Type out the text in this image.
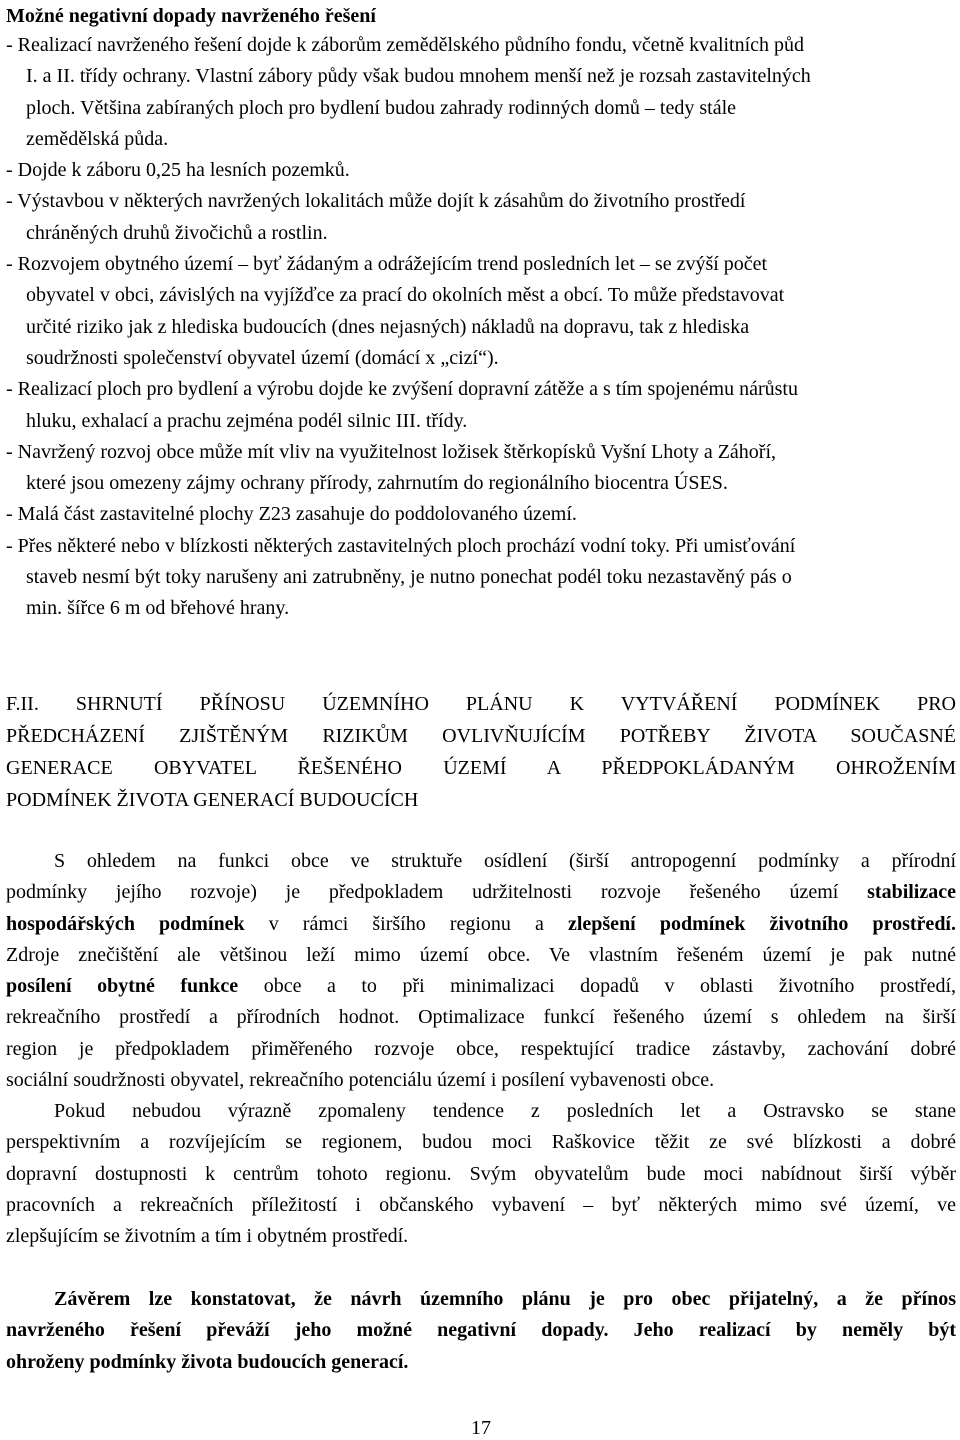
Možné negativní dopady navrženého řešení
- Realizací navrženého řešení dojde k záborům zemědělského půdního fondu, včetně kvalitních půd
I. a II. třídy ochrany. Vlastní zábory půdy však budou mnohem menší než je rozsah zastavitelných
ploch. Většina zabíraných ploch pro bydlení budou zahrady rodinných domů – tedy stále
zemědělská půda.
- Dojde k záboru 0,25 ha lesních pozemků.
- Výstavbou v některých navržených lokalitách může dojít k zásahům do životního prostředí
chráněných druhů živočichů a rostlin.
- Rozvojem obytného území – byť žádaným a odrážejícím trend posledních let – se zvýší počet
obyvatel v obci, závislých na vyjížďce za prací do okolních měst a obcí. To může představovat
určité riziko jak z hlediska budoucích (dnes nejasných) nákladů na dopravu, tak z hlediska
soudržnosti společenství obyvatel území (domácí x „cizí“).
- Realizací ploch pro bydlení a výrobu dojde ke zvýšení dopravní zátěže a s tím spojenému nárůstu
hluku, exhalací a prachu zejména podél silnic III. třídy.
- Navržený rozvoj obce může mít vliv na využitelnost ložisek štěrkopísků Vyšní Lhoty a Záhoří,
které jsou omezeny zájmy ochrany přírody, zahrnutím do regionálního biocentra ÚSES.
- Malá část zastavitelné plochy Z23 zasahuje do poddolovaného území.
- Přes některé nebo v blízkosti některých zastavitelných ploch prochází vodní toky. Při umisťování
staveb nesmí být toky narušeny ani zatrubněny, je nutno ponechat podél toku nezastavěný pás o
min. šířce 6 m od břehové hrany.
F.II. SHRNUTÍ PŘÍNOSU ÚZEMNÍHO PLÁNU K VYTVÁŘENÍ PODMÍNEK PRO
PŘEDCHÁZENÍ ZJIŠTĚNÝM RIZIKŮM OVLIVŇUJÍCÍM POTŘEBY ŽIVOTA SOUČASNÉ
GENERACE OBYVATEL ŘEŠENÉHO ÚZEMÍ A PŘEDPOKLÁDANÝM OHROŽENÍM
PODMÍNEK ŽIVOTA GENERACÍ BUDOUCÍCH
S ohledem na funkci obce ve struktuře osídlení (širší antropogenní podmínky a přírodní
podmínky jejího rozvoje) je předpokladem udržitelnosti rozvoje řešeného území stabilizace
hospodářských podmínek v rámci širšího regionu a zlepšení podmínek životního prostředí.
Zdroje znečištění ale většinou leží mimo území obce. Ve vlastním řešeném území je pak nutné
posílení obytné funkce obce a to při minimalizaci dopadů v oblasti životního prostředí,
rekreačního prostředí a přírodních hodnot. Optimalizace funkcí řešeného území s ohledem na širší
region je předpokladem přiměřeného rozvoje obce, respektující tradice zástavby, zachování dobré
sociální soudržnosti obyvatel, rekreačního potenciálu území i posílení vybavenosti obce.
Pokud nebudou výrazně zpomaleny tendence z posledních let a Ostravsko se stane
perspektivním a rozvíjejícím se regionem, budou moci Raškovice těžit ze své blízkosti a dobré
dopravní dostupnosti k centrům tohoto regionu. Svým obyvatelům bude moci nabídnout širší výběr
pracovních a rekreačních příležitostí i občanského vybavení – byť některých mimo své území, ve
zlepšujícím se životním a tím i obytném prostředí.
Závěrem lze konstatovat, že návrh územního plánu je pro obec přijatelný, a že přínos
navrženého řešení převáží jeho možné negativní dopady. Jeho realizací by neměly být
ohroženy podmínky života budoucích generací.
17
